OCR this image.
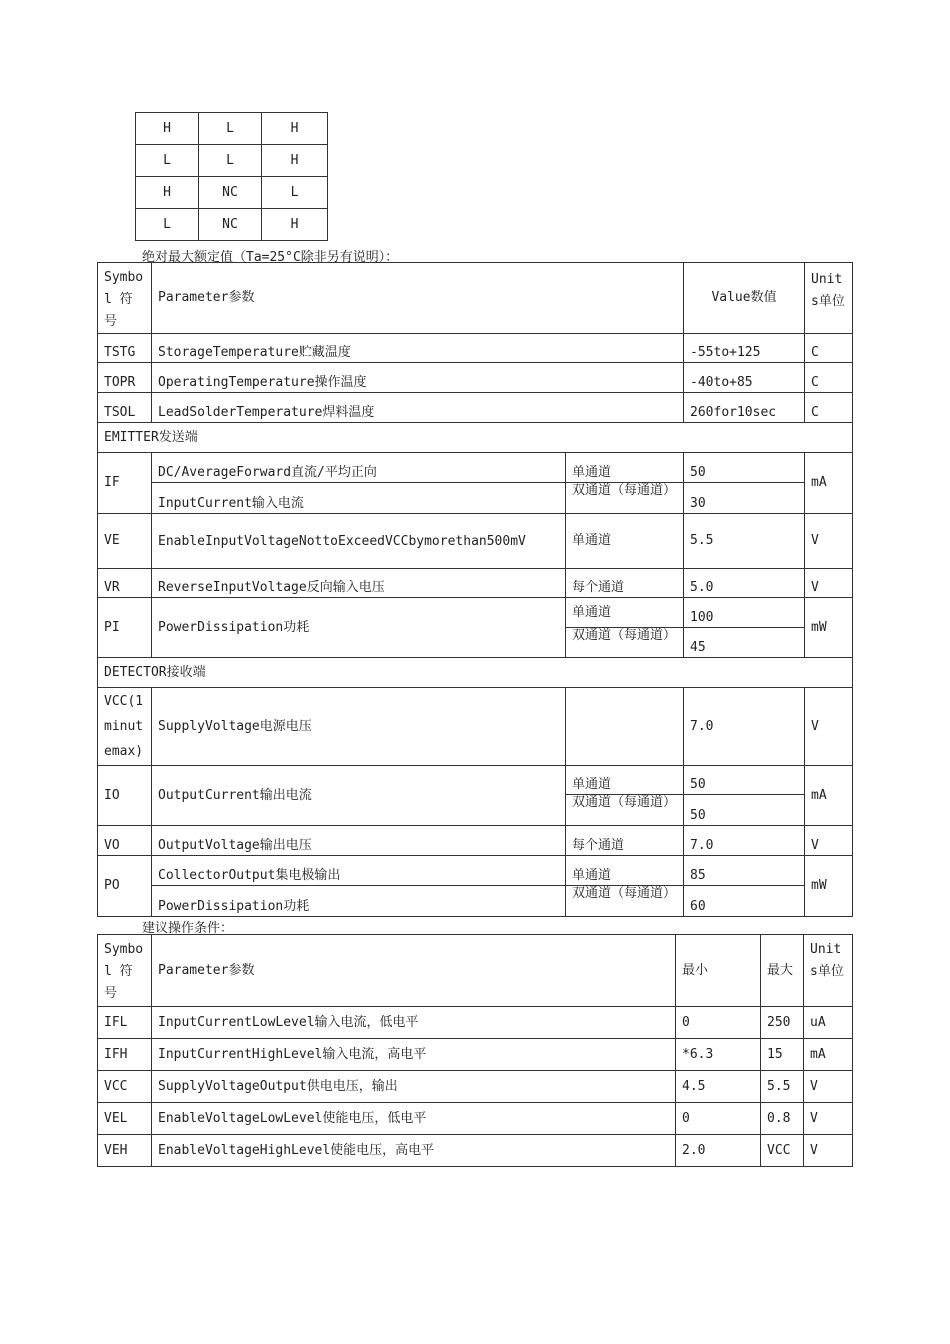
H	L	H
L	L	H
H	NC	L
L	NC	H
绝对最大额定值（Ta=25°C除非另有说明）：
Symbol 符号	Parameter参数		Value数值	Units单位

TSTG	StorageTemperature贮藏温度		-55to+125	C
TOPR	OperatingTemperature操作温度		-40to+85	C
TSOL	LeadSolderTemperature焊料温度		260for10sec	C
EMITTER发送端				
IF	DC/AverageForward直流/平均正向	单通道	50	mA
	InputCurrent输入电流	双通道（每通道）	30	
VE	EnableInputVoltageNottoExceedVCCbymorethan500mV	单通道	5.5	V
VR	ReverseInputVoltage反向输入电压	每个通道	5.0	V
PI	PowerDissipation功耗	单通道	100	mW

		双通道（每通道）	45	
DETECTOR接收端				
VCC(1minutemax)	SupplyVoltage电源电压		7.0	V
IO	OutputCurrent输出电流	单通道	50	mA

		双通道（每通道）	50	
VO	OutputVoltage输出电压	每个通道	7.0	V
PO	CollectorOutput集电极输出	单通道	85	mW
	PowerDissipation功耗	双通道（每通道）	60	
建议操作条件：
Symbol 符号	Parameter参数	最小	最大	Units单位

IFL	InputCurrentLowLevel输入电流，低电平	0	250	uA
IFH	InputCurrentHighLevel输入电流，高电平	*6.3	15	mA
VCC	SupplyVoltageOutput供电电压，输出	4.5	5.5	V
VEL	EnableVoltageLowLevel使能电压，低电平	0	0.8	V
VEH	EnableVoltageHighLevel使能电压，高电平	2.0	VCC	V
